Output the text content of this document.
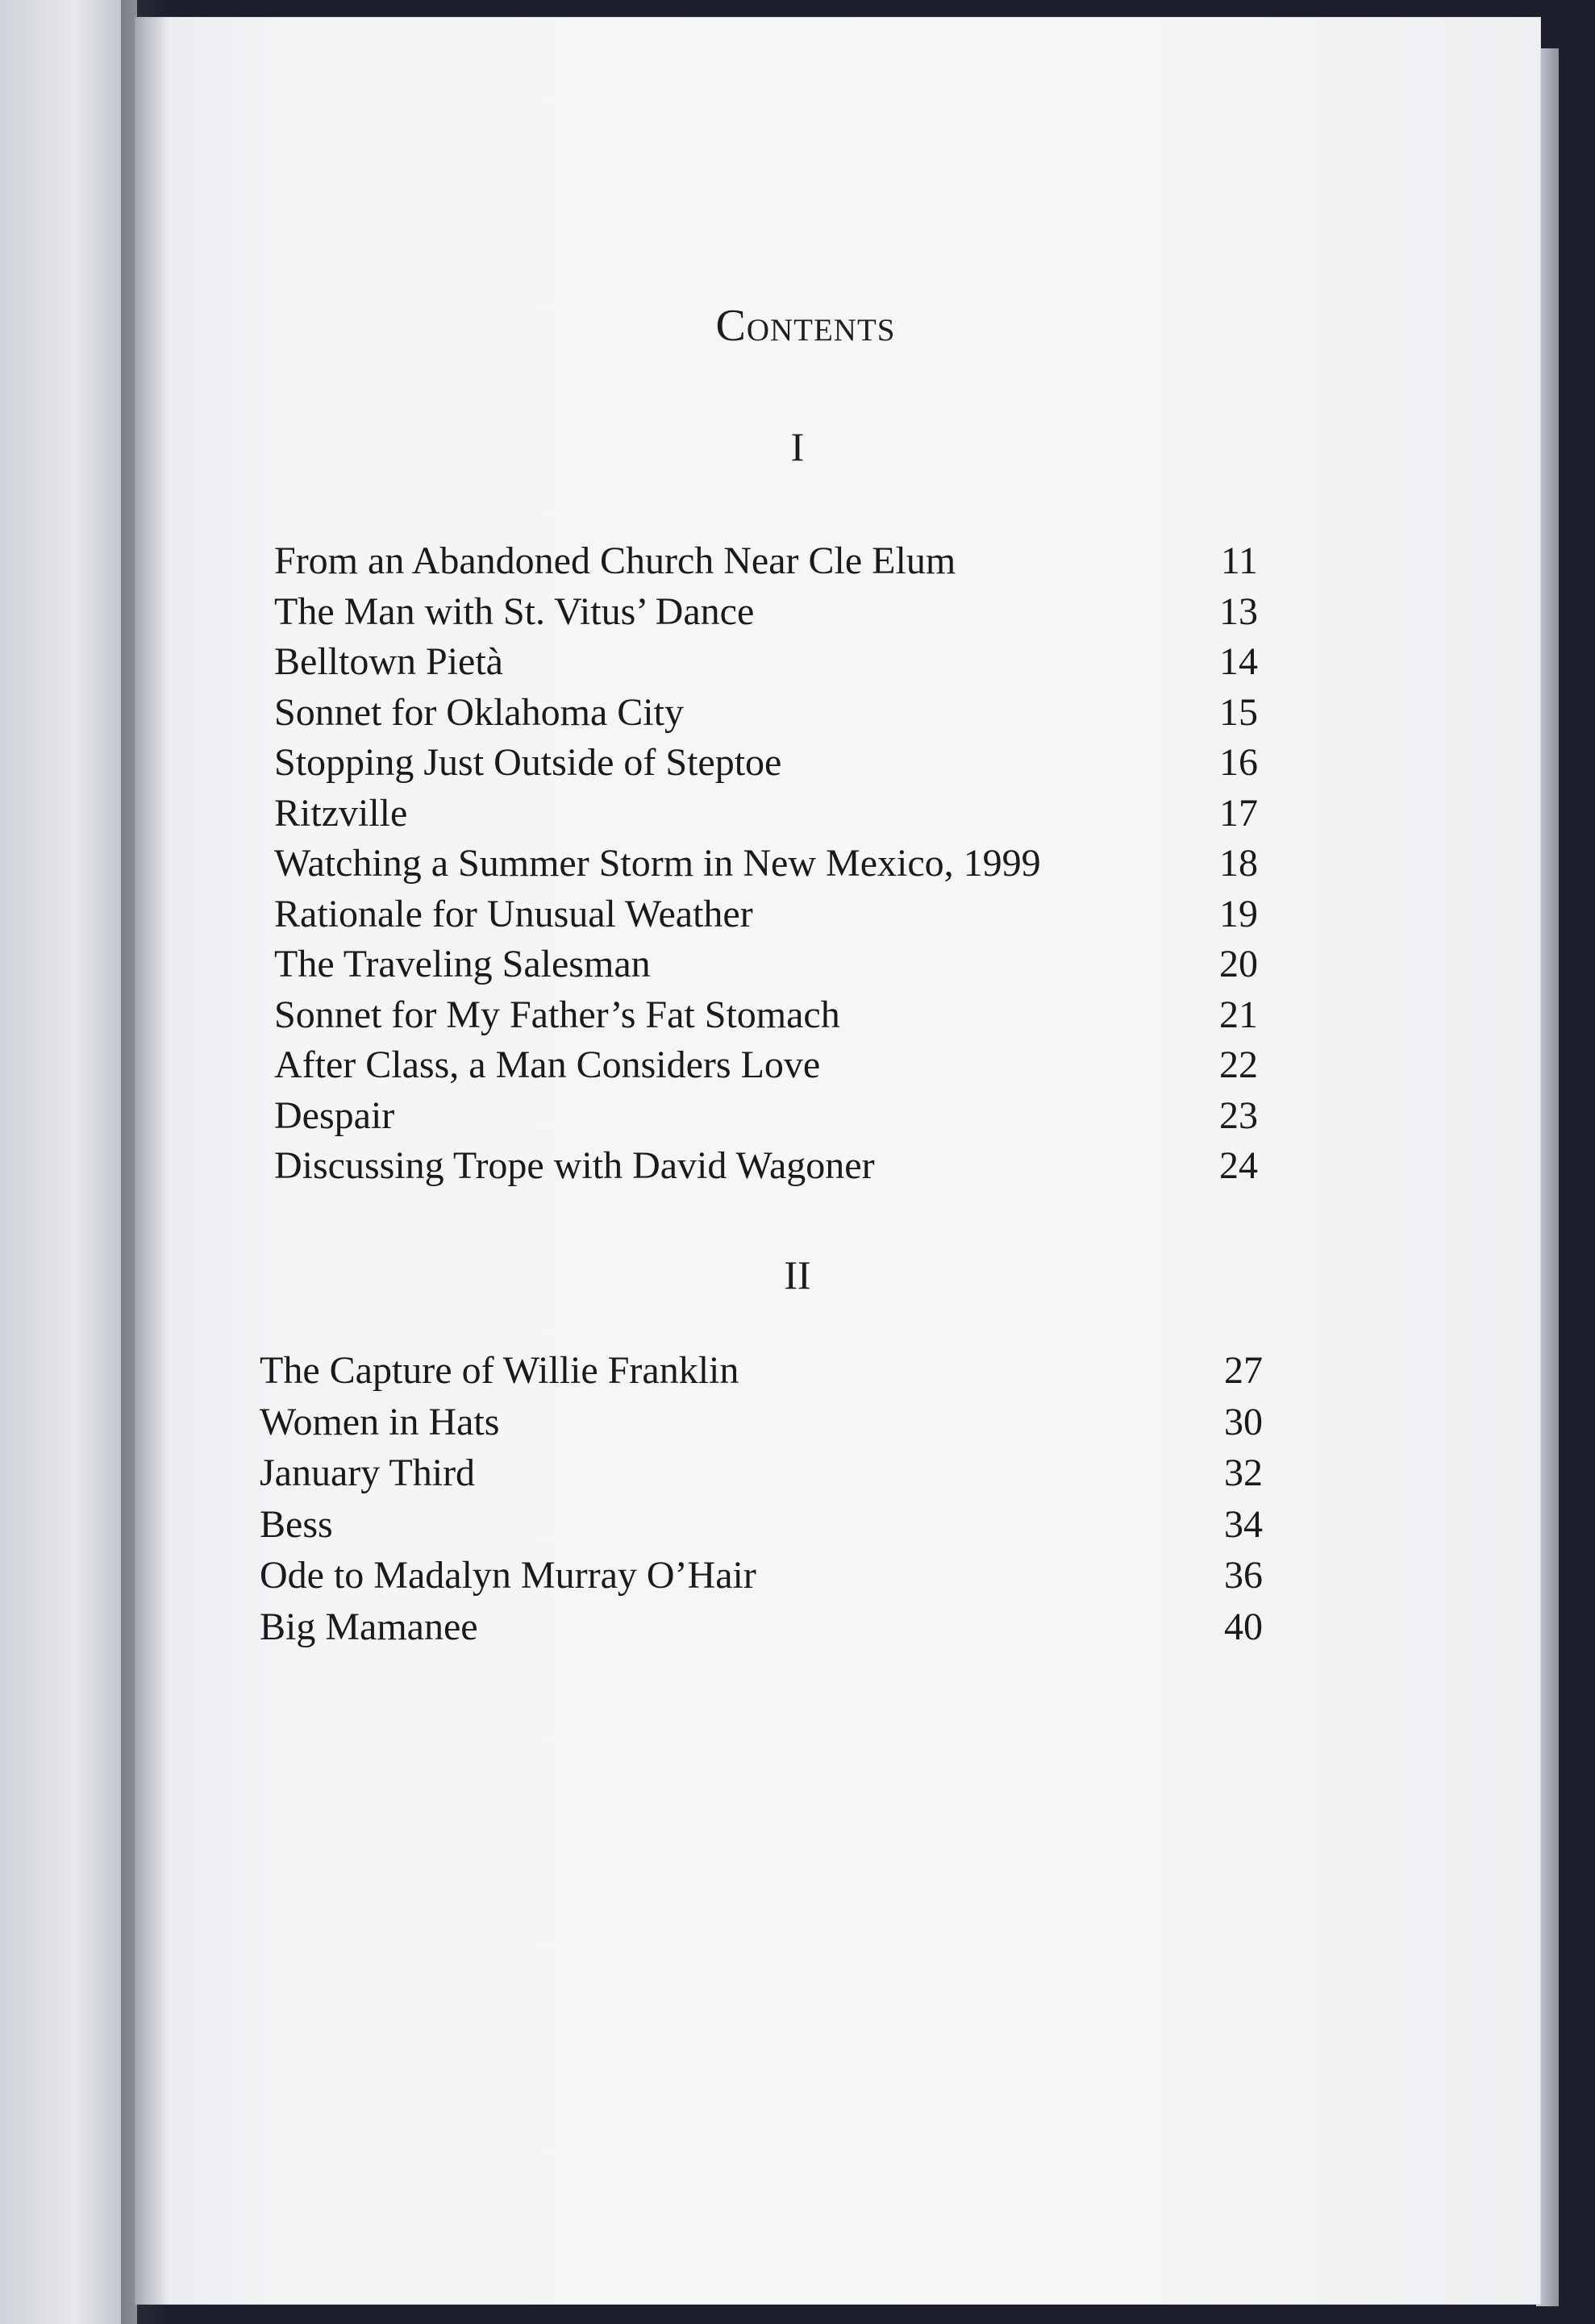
Contents
I
From an Abandoned Church Near Cle Elum	11
The Man with St. Vitus’ Dance	13
Belltown Pietà	14
Sonnet for Oklahoma City	15
Stopping Just Outside of Steptoe	16
Ritzville	17
Watching a Summer Storm in New Mexico, 1999	18
Rationale for Unusual Weather	19
The Traveling Salesman	20
Sonnet for My Father’s Fat Stomach	21
After Class, a Man Considers Love	22
Despair	23
Discussing Trope with David Wagoner	24
II
The Capture of Willie Franklin	27
Women in Hats	30
January Third	32
Bess	34
Ode to Madalyn Murray O’Hair	36
Big Mamanee	40
